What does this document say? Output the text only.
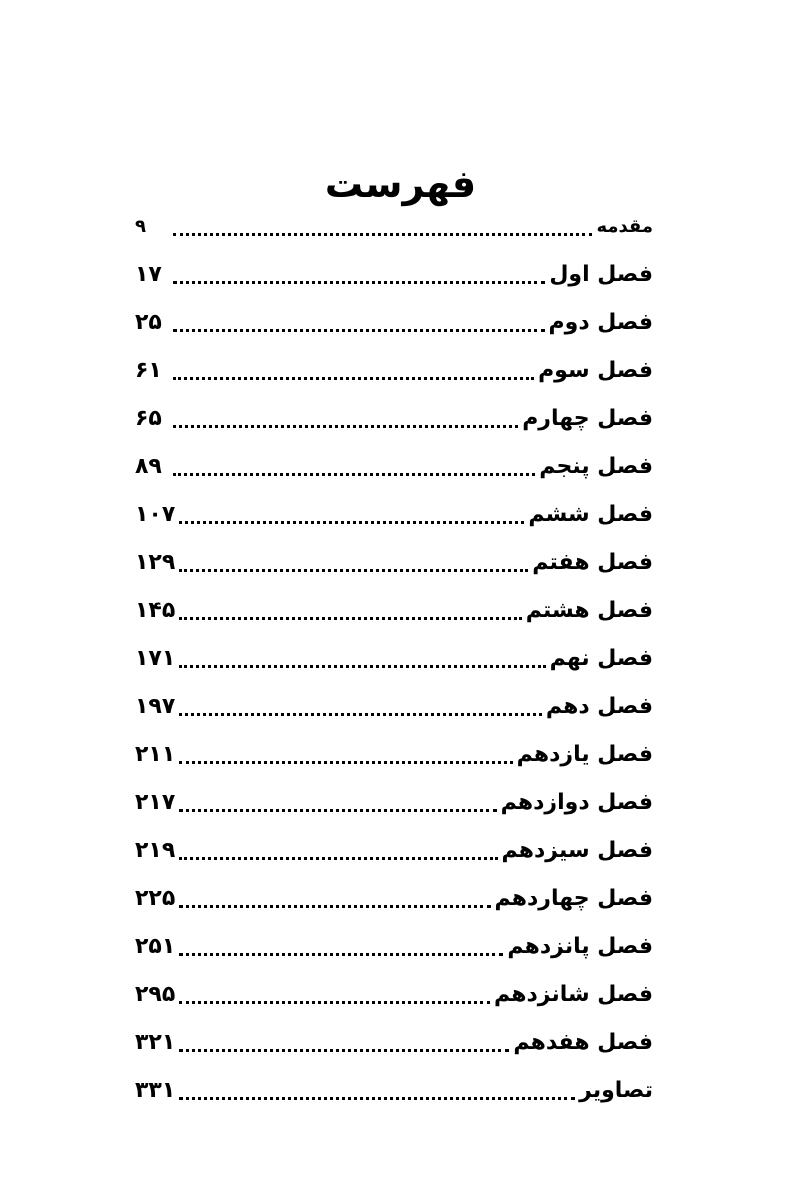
فهرست
مقدمه
۹
فصل اول
۱۷
فصل دوم
۲۵
فصل سوم
۶۱
فصل چهارم
۶۵
فصل پنجم
۸۹
فصل ششم
۱۰۷
فصل هفتم
۱۲۹
فصل هشتم
۱۴۵
فصل نهم
۱۷۱
فصل دهم
۱۹۷
فصل یازدهم
۲۱۱
فصل دوازدهم
۲۱۷
فصل سیزدهم
۲۱۹
فصل چهاردهم
۲۲۵
فصل پانزدهم
۲۵۱
فصل شانزدهم
۲۹۵
فصل هفدهم
۳۲۱
تصاویر
۳۳۱
